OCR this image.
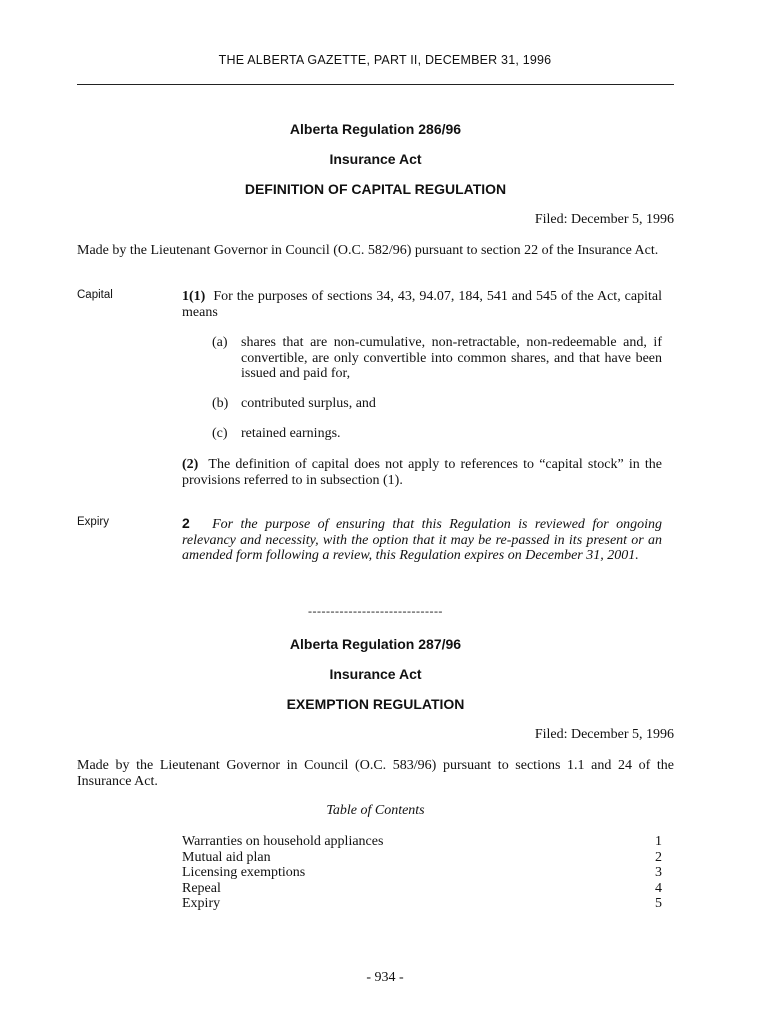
THE ALBERTA GAZETTE, PART II, DECEMBER 31, 1996
Alberta Regulation 286/96
Insurance Act
DEFINITION OF CAPITAL REGULATION
Filed: December 5, 1996
Made by the Lieutenant Governor in Council (O.C. 582/96) pursuant to section 22 of the Insurance Act.
Capital	1(1) For the purposes of sections 34, 43, 94.07, 184, 541 and 545 of the Act, capital means
(a) shares that are non-cumulative, non-retractable, non-redeemable and, if convertible, are only convertible into common shares, and that have been issued and paid for,
(b) contributed surplus, and
(c) retained earnings.
(2) The definition of capital does not apply to references to “capital stock” in the provisions referred to in subsection (1).
Expiry	2 For the purpose of ensuring that this Regulation is reviewed for ongoing relevancy and necessity, with the option that it may be re-passed in its present or an amended form following a review, this Regulation expires on December 31, 2001.
------------------------------
Alberta Regulation 287/96
Insurance Act
EXEMPTION REGULATION
Filed: December 5, 1996
Made by the Lieutenant Governor in Council (O.C. 583/96) pursuant to sections 1.1 and 24 of the Insurance Act.
Table of Contents
Warranties on household appliances	1
Mutual aid plan	2
Licensing exemptions	3
Repeal	4
Expiry	5
- 934 -
